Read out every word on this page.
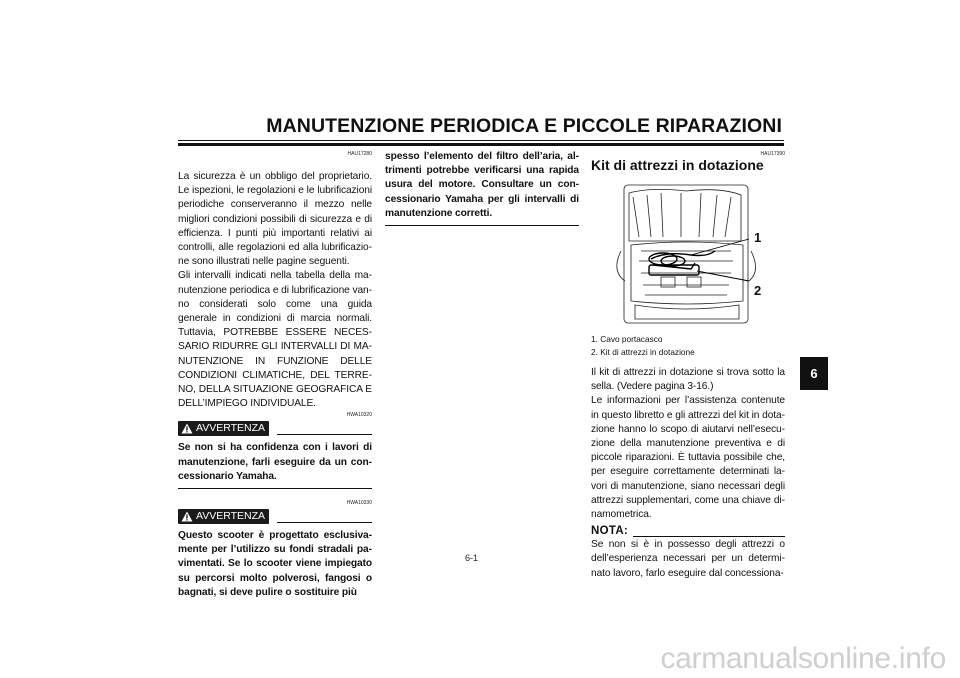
MANUTENZIONE PERIODICA E PICCOLE RIPARAZIONI
HAU17280
La sicurezza è un obbligo del proprietario. Le ispezioni, le regolazioni e le lubrificazioni periodiche conserveranno il mezzo nelle migliori condizioni possibili di sicurezza e di efficienza. I punti più importanti relativi ai controlli, alle regolazioni ed alla lubrificazione sono illustrati nelle pagine seguenti.
Gli intervalli indicati nella tabella della manutenzione periodica e di lubrificazione vanno considerati solo come una guida generale in condizioni di marcia normali. Tuttavia, POTREBBE ESSERE NECESSARIO RIDURRE GLI INTERVALLI DI MANUTENZIONE IN FUNZIONE DELLE CONDIZIONI CLIMATICHE, DEL TERRENO, DELLA SITUAZIONE GEOGRAFICA E DELL’IMPIEGO INDIVIDUALE.
HWA10320
AVVERTENZA
Se non si ha confidenza con i lavori di manutenzione, farli eseguire da un concessionario Yamaha.
HWA10330
AVVERTENZA
Questo scooter è progettato esclusivamente per l’utilizzo su fondi stradali pavimentati. Se lo scooter viene impiegato su percorsi molto polverosi, fangosi o bagnati, si deve pulire o sostituire più
spesso l’elemento del filtro dell’aria, altrimenti potrebbe verificarsi una rapida usura del motore. Consultare un concessionario Yamaha per gli intervalli di manutenzione corretti.
HAU17390
Kit di attrezzi in dotazione
1
2
1. Cavo portacasco
2. Kit di attrezzi in dotazione
Il kit di attrezzi in dotazione si trova sotto la sella. (Vedere pagina 3-16.)
Le informazioni per l’assistenza contenute in questo libretto e gli attrezzi del kit in dotazione hanno lo scopo di aiutarvi nell’esecuzione della manutenzione preventiva e di piccole riparazioni. È tuttavia possibile che, per eseguire correttamente determinati lavori di manutenzione, siano necessari degli attrezzi supplementari, come una chiave dinamometrica.
NOTA:
Se non si è in possesso degli attrezzi o dell’esperienza necessari per un determinato lavoro, farlo eseguire dal concessiona-
6
6-1
carmanualsonline.info
